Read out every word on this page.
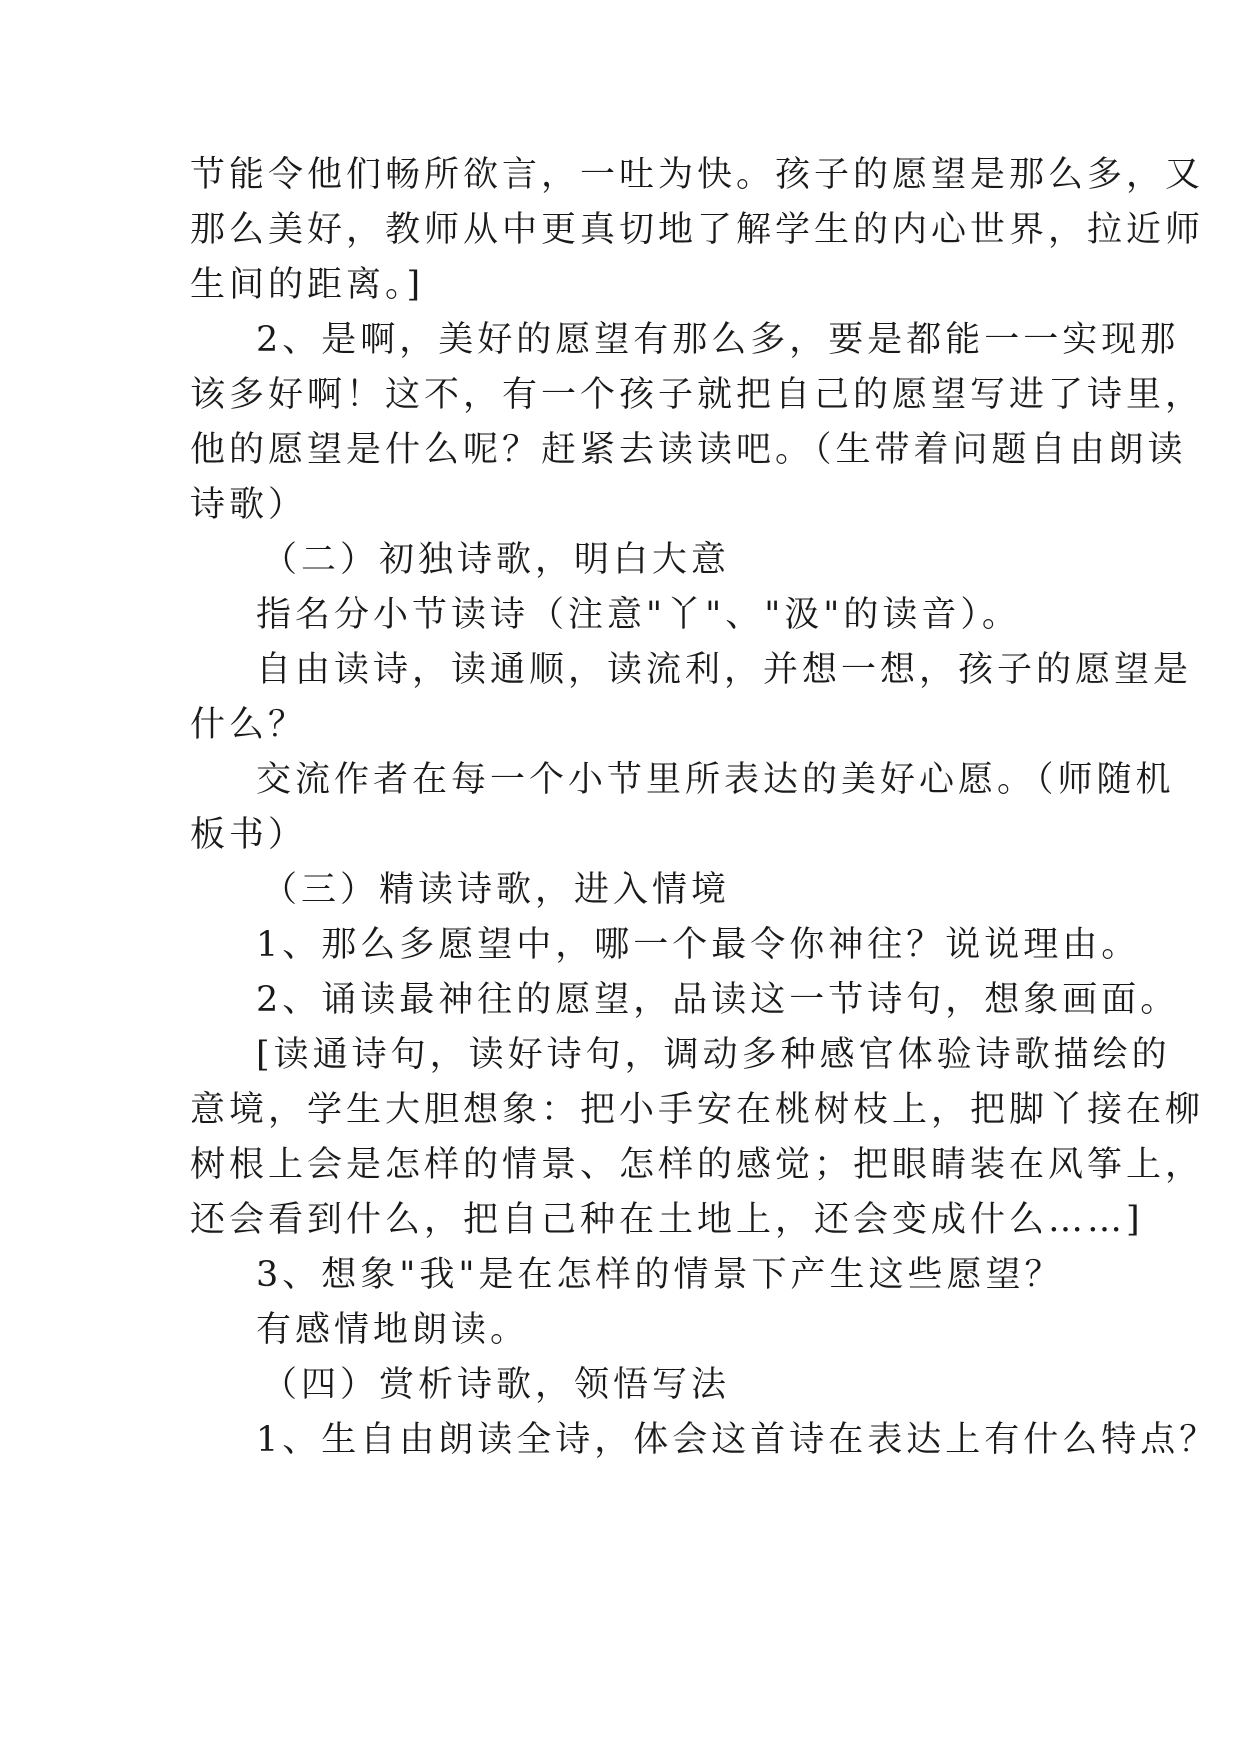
节能令他们畅所欲言，一吐为快。孩子的愿望是那么多，又
那么美好，教师从中更真切地了解学生的内心世界，拉近师
生间的距离。]
2、是啊，美好的愿望有那么多，要是都能一一实现那
该多好啊！这不，有一个孩子就把自己的愿望写进了诗里，
他的愿望是什么呢？赶紧去读读吧。（生带着问题自由朗读
诗歌）
（二）初独诗歌，明白大意
指名分小节读诗（注意"丫"、"汲"的读音）。
自由读诗，读通顺，读流利，并想一想，孩子的愿望是
什么？
交流作者在每一个小节里所表达的美好心愿。（师随机
板书）
（三）精读诗歌，进入情境
1、那么多愿望中，哪一个最令你神往？说说理由。
2、诵读最神往的愿望，品读这一节诗句，想象画面。
[读通诗句，读好诗句，调动多种感官体验诗歌描绘的
意境，学生大胆想象：把小手安在桃树枝上，把脚丫接在柳
树根上会是怎样的情景、怎样的感觉；把眼睛装在风筝上，
还会看到什么，把自己种在土地上，还会变成什么……]
3、想象"我"是在怎样的情景下产生这些愿望？
有感情地朗读。
（四）赏析诗歌，领悟写法
1、生自由朗读全诗，体会这首诗在表达上有什么特点？
